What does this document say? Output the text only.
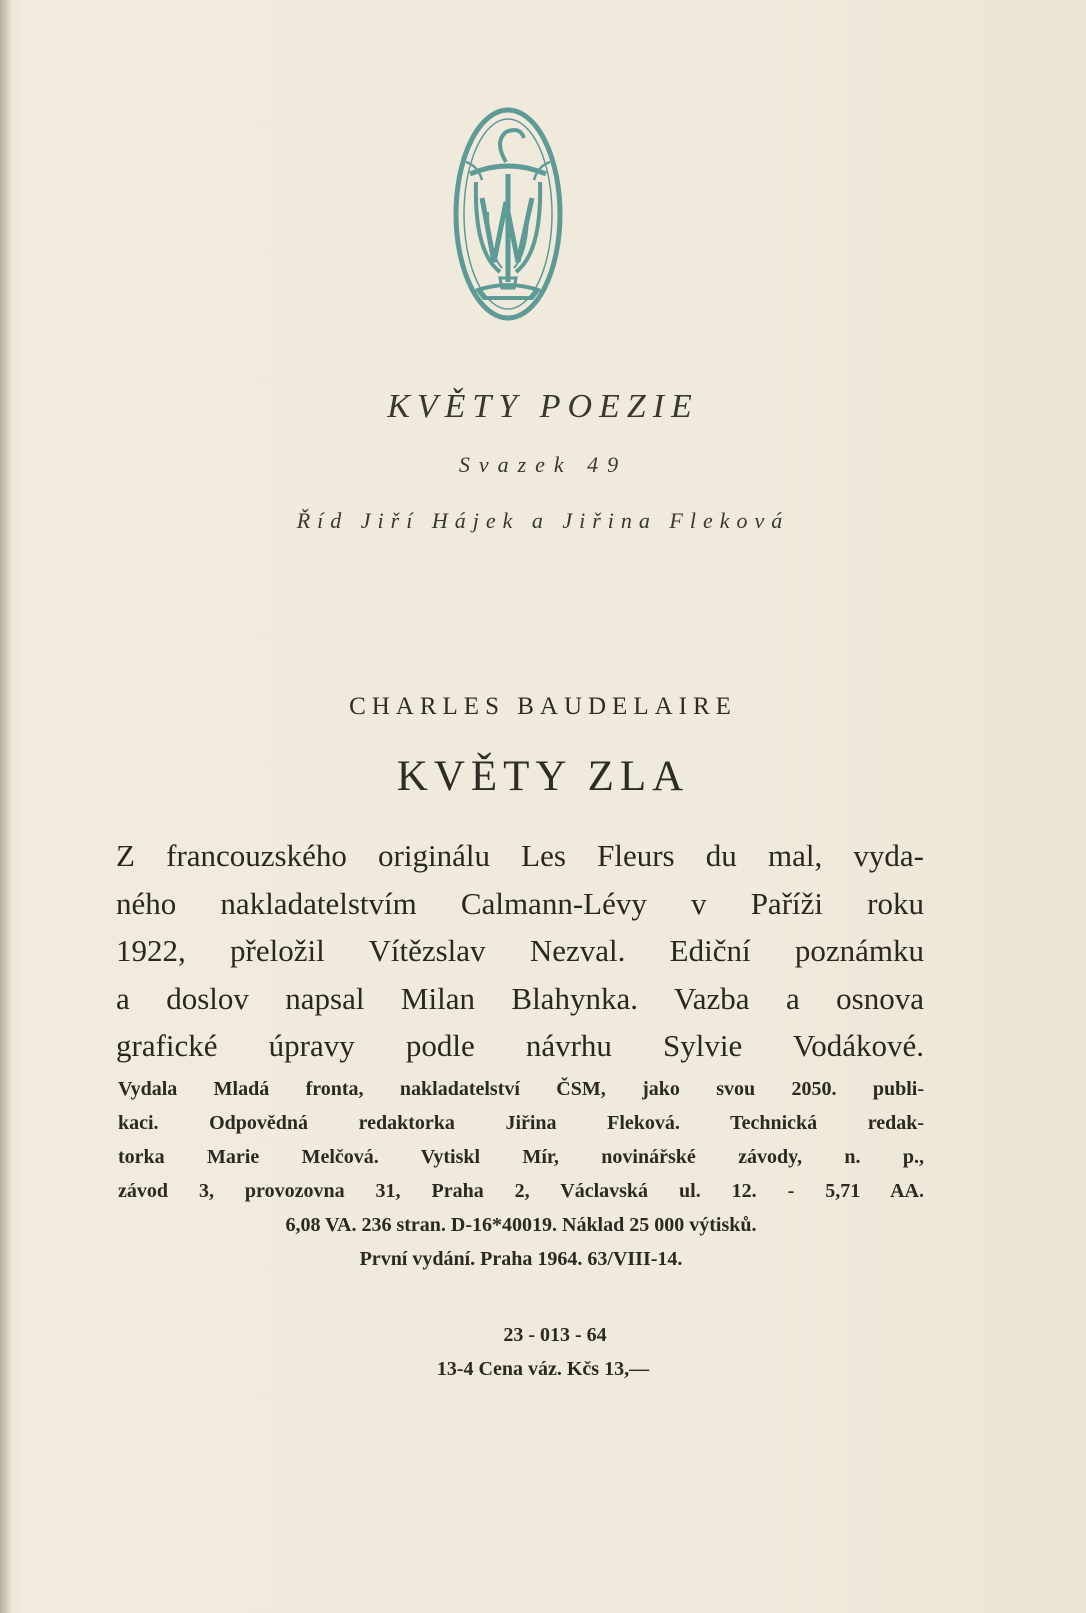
KVĚTY POEZIE
Svazek 49
Říd Jiří Hájek a Jiřina Fleková
CHARLES BAUDELAIRE
KVĚTY ZLA
Z francouzského originálu Les Fleurs du mal, vyda-
ného nakladatelstvím Calmann-Lévy v Paříži roku
1922, přeložil Vítězslav Nezval. Ediční poznámku
a doslov napsal Milan Blahynka. Vazba a osnova
grafické úpravy podle návrhu Sylvie Vodákové.
Vydala Mladá fronta, nakladatelství ČSM, jako svou 2050. publi-
kaci. Odpovědná redaktorka Jiřina Fleková. Technická redak-
torka Marie Melčová. Vytiskl Mír, novinářské závody, n. p.,
závod 3, provozovna 31, Praha 2, Václavská ul. 12. - 5,71 AA.
6,08 VA. 236 stran. D-16*40019. Náklad 25 000 výtisků.
První vydání. Praha 1964. 63/VIII-14.
23 - 013 - 64
13-4 Cena váz. Kčs 13,—
